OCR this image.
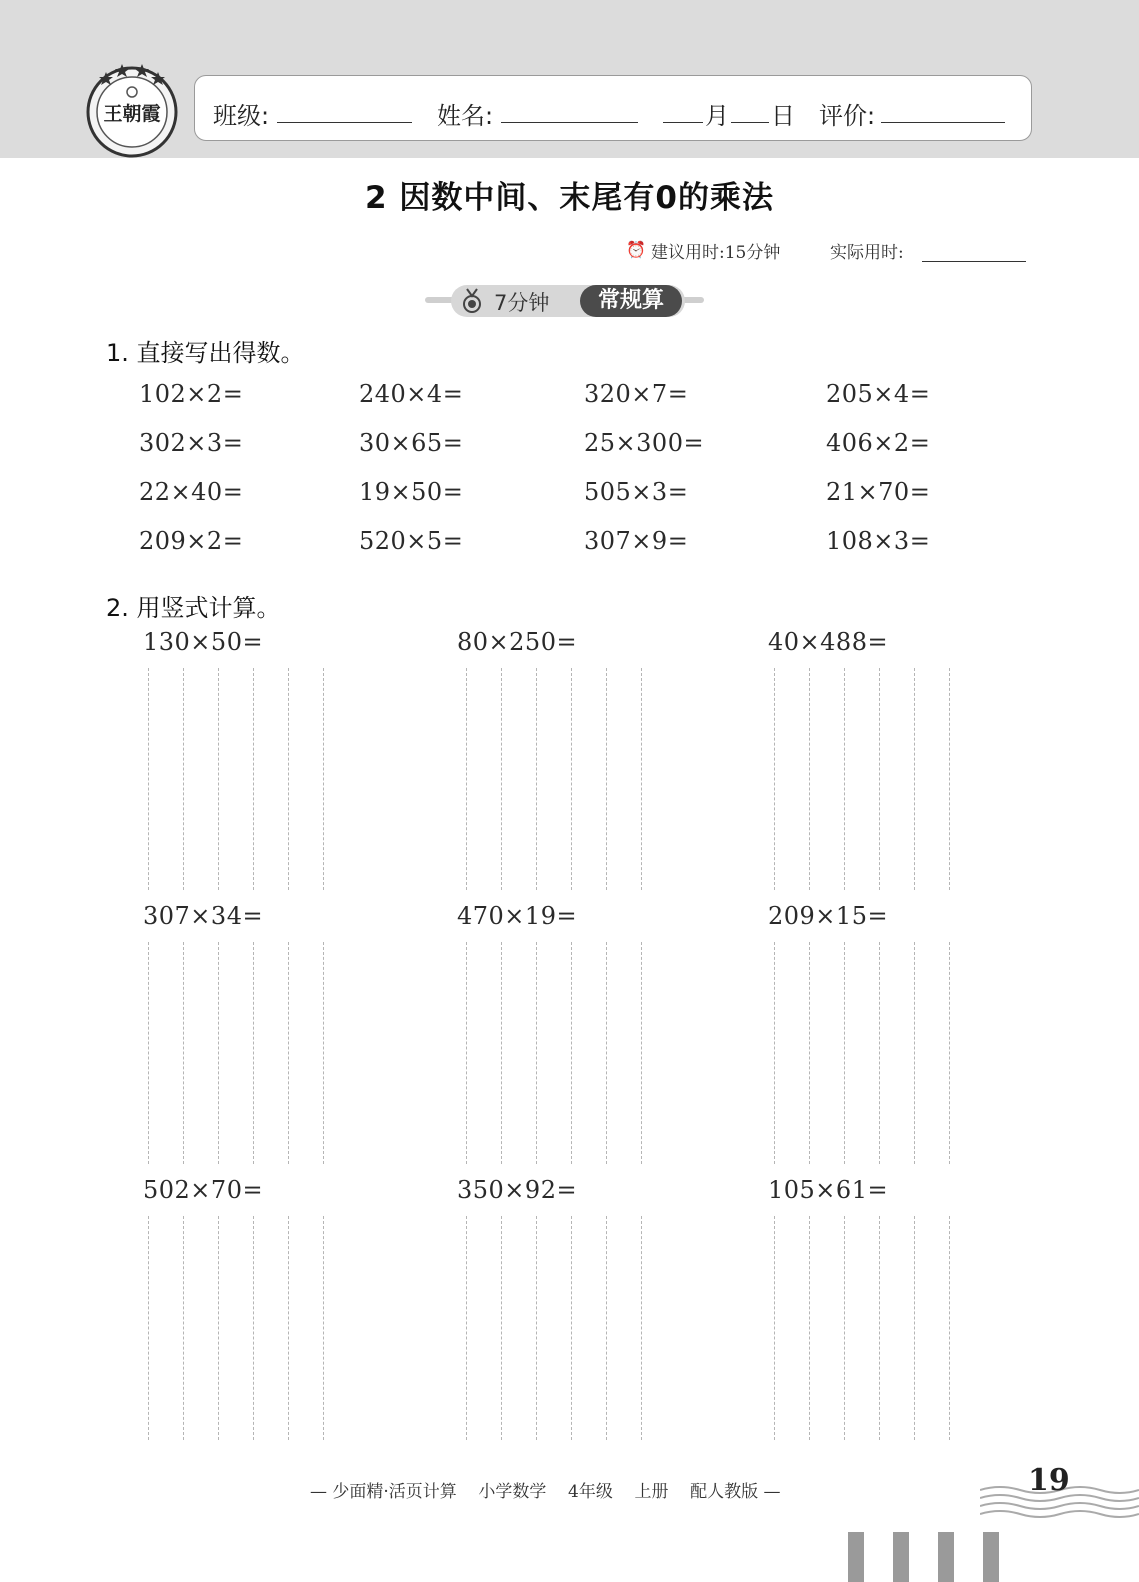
王朝霞 班级:	姓名:	月 日 评价:
2 因数中间、末尾有0的乘法
⏰ 建议用时:15分钟	实际用时:
7分钟	常规算
1. 直接写出得数。
102×2=	240×4=	320×7=	205×4=
302×3=	30×65=	25×300=	406×2=
22×40=	19×50=	505×3=	21×70=
209×2=	520×5=	307×9=	108×3=
2. 用竖式计算。
130×50=	80×250=	40×488=
307×34=	470×19=	209×15=
502×70=	350×92=	105×61=
— 少面精·活页计算    小学数学    4年级    上册    配人教版 —	19
